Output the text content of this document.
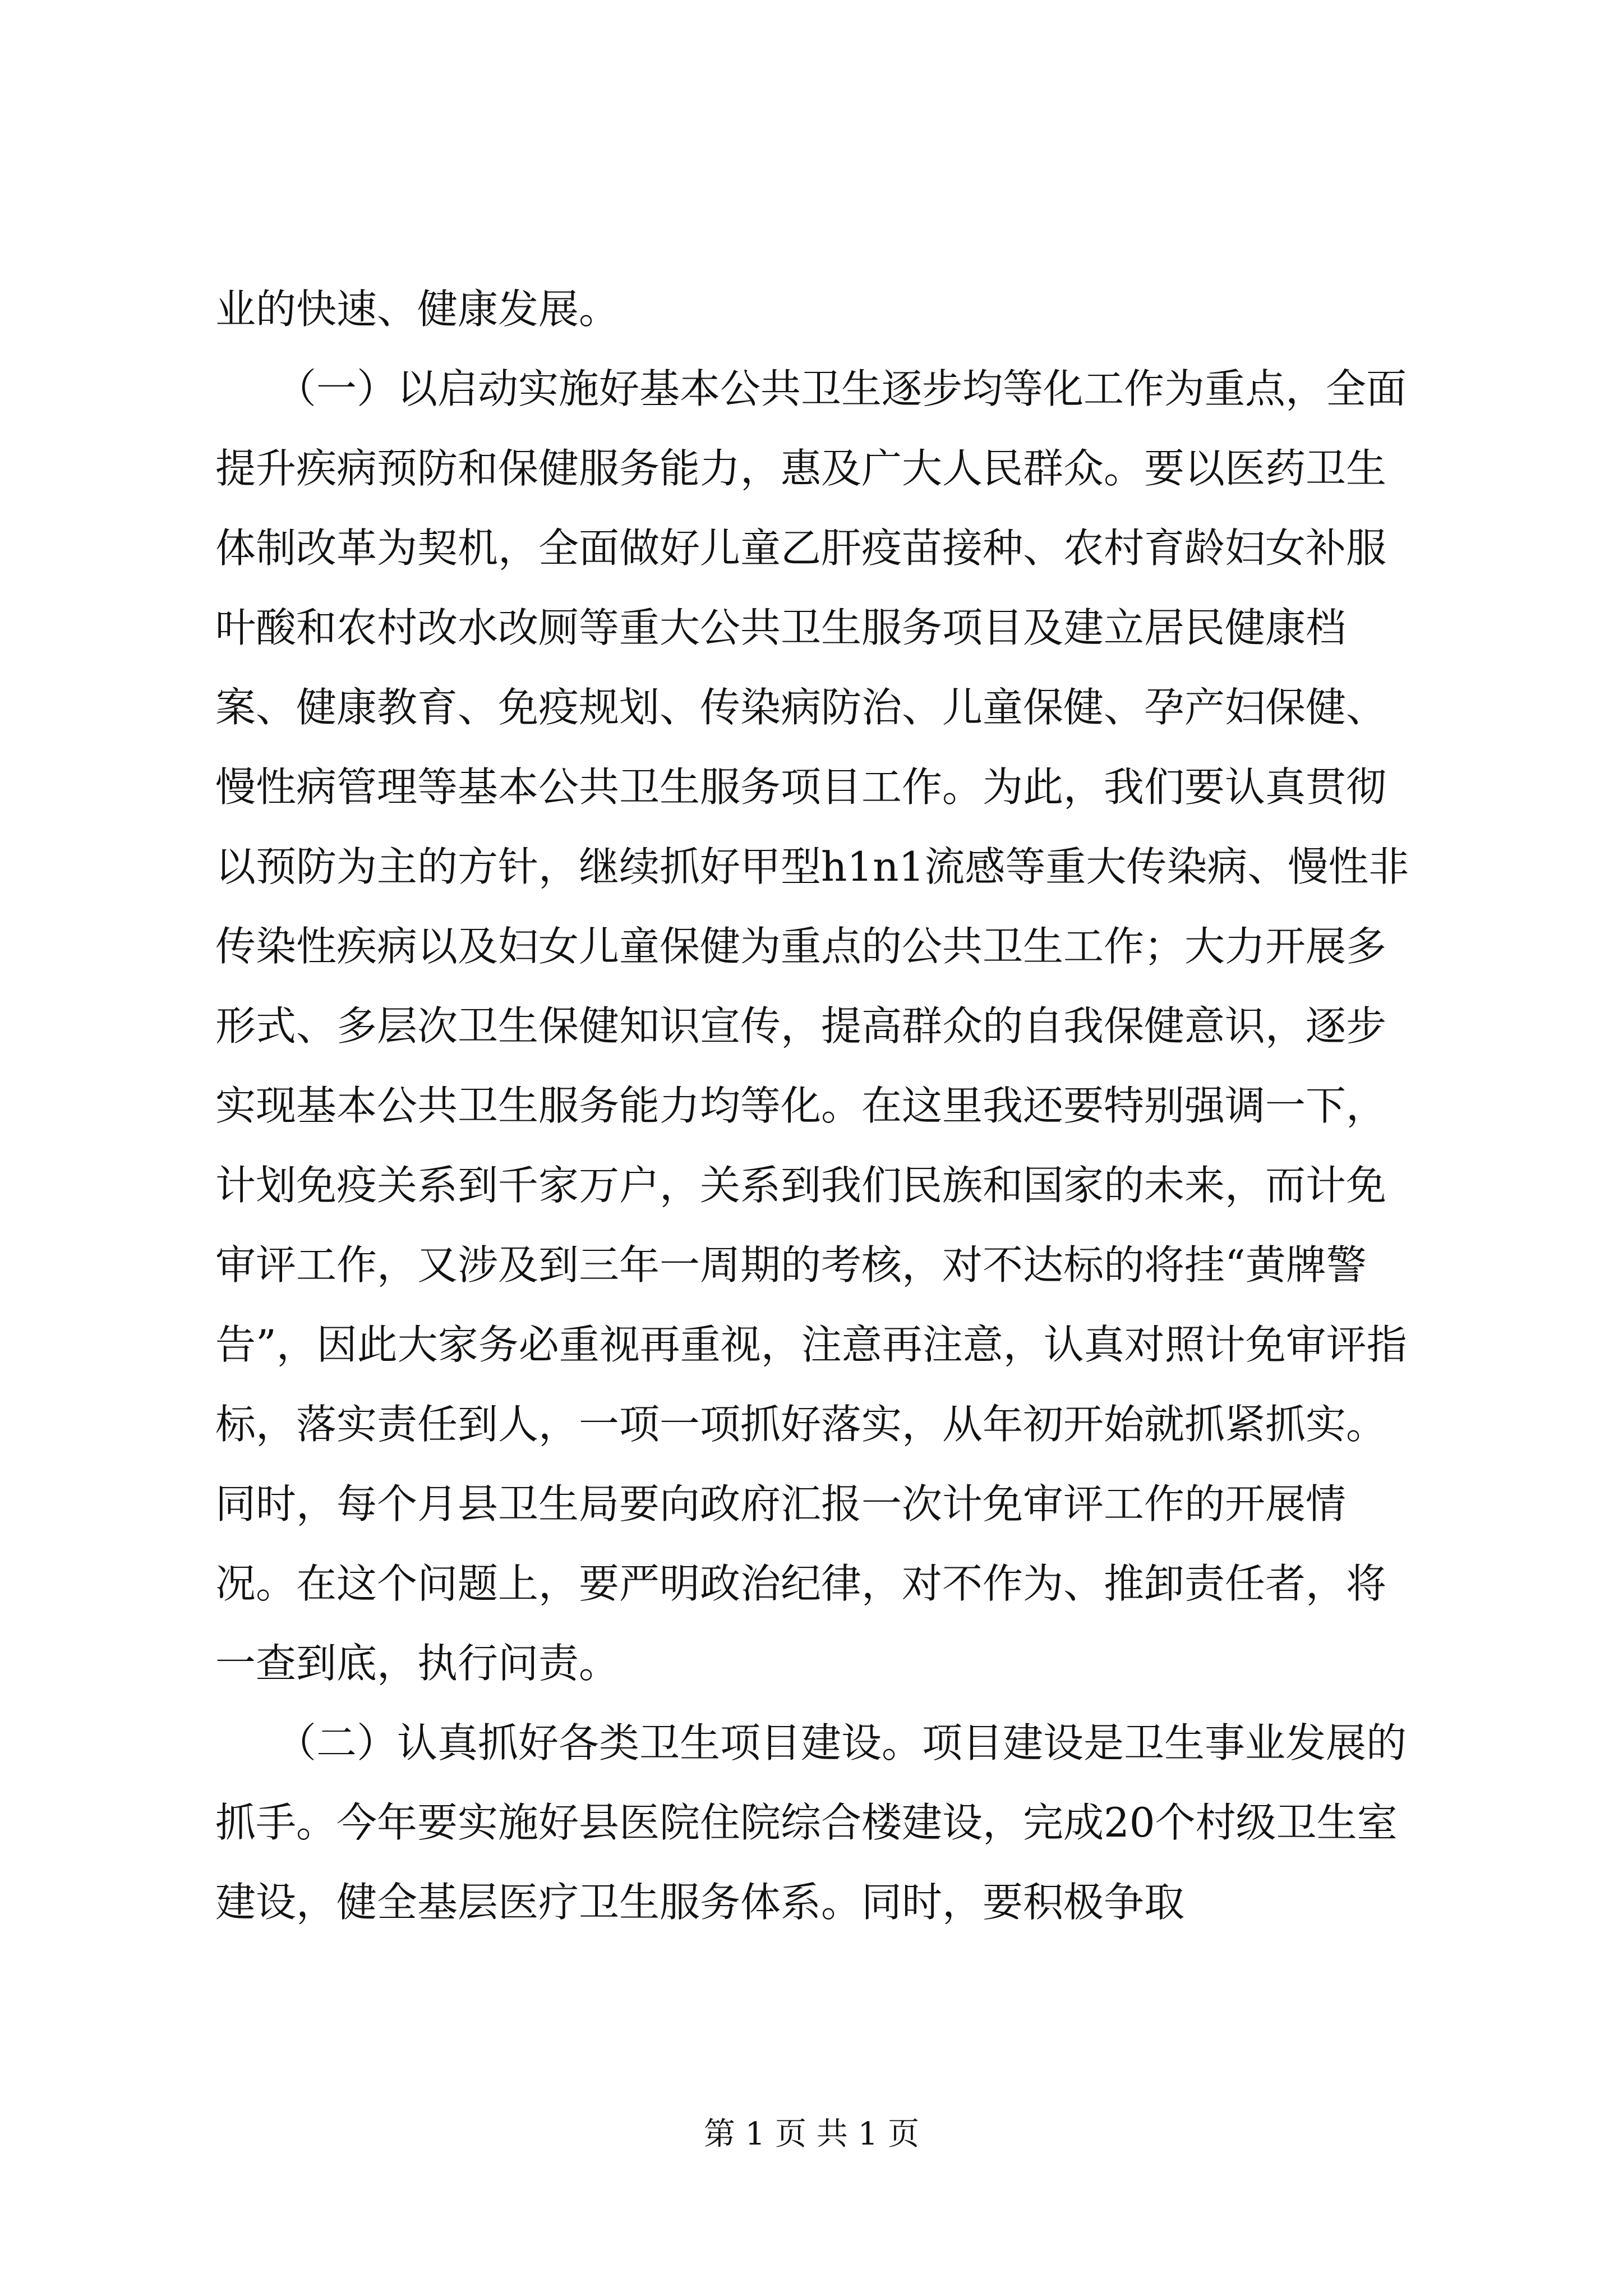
业的快速、健康发展。

　　（一）以启动实施好基本公共卫生逐步均等化工作为重点，全面提升疾病预防和保健服务能力，惠及广大人民群众。要以医药卫生体制改革为契机，全面做好儿童乙肝疫苗接种、农村育龄妇女补服叶酸和农村改水改厕等重大公共卫生服务项目及建立居民健康档案、健康教育、免疫规划、传染病防治、儿童保健、孕产妇保健、慢性病管理等基本公共卫生服务项目工作。为此，我们要认真贯彻以预防为主的方针，继续抓好甲型h1n1流感等重大传染病、慢性非传染性疾病以及妇女儿童保健为重点的公共卫生工作；大力开展多形式、多层次卫生保健知识宣传，提高群众的自我保健意识，逐步实现基本公共卫生服务能力均等化。在这里我还要特别强调一下，计划免疫关系到千家万户，关系到我们民族和国家的未来，而计免审评工作，又涉及到三年一周期的考核，对不达标的将挂“黄牌警告”，因此大家务必重视再重视，注意再注意，认真对照计免审评指标，落实责任到人，一项一项抓好落实，从年初开始就抓紧抓实。同时，每个月县卫生局要向政府汇报一次计免审评工作的开展情况。在这个问题上，要严明政治纪律，对不作为、推卸责任者，将一查到底，执行问责。

　　（二）认真抓好各类卫生项目建设。项目建设是卫生事业发展的抓手。今年要实施好县医院住院综合楼建设，完成20个村级卫生室建设，健全基层医疗卫生服务体系。同时，要积极争取

第 1 页 共 1 页
